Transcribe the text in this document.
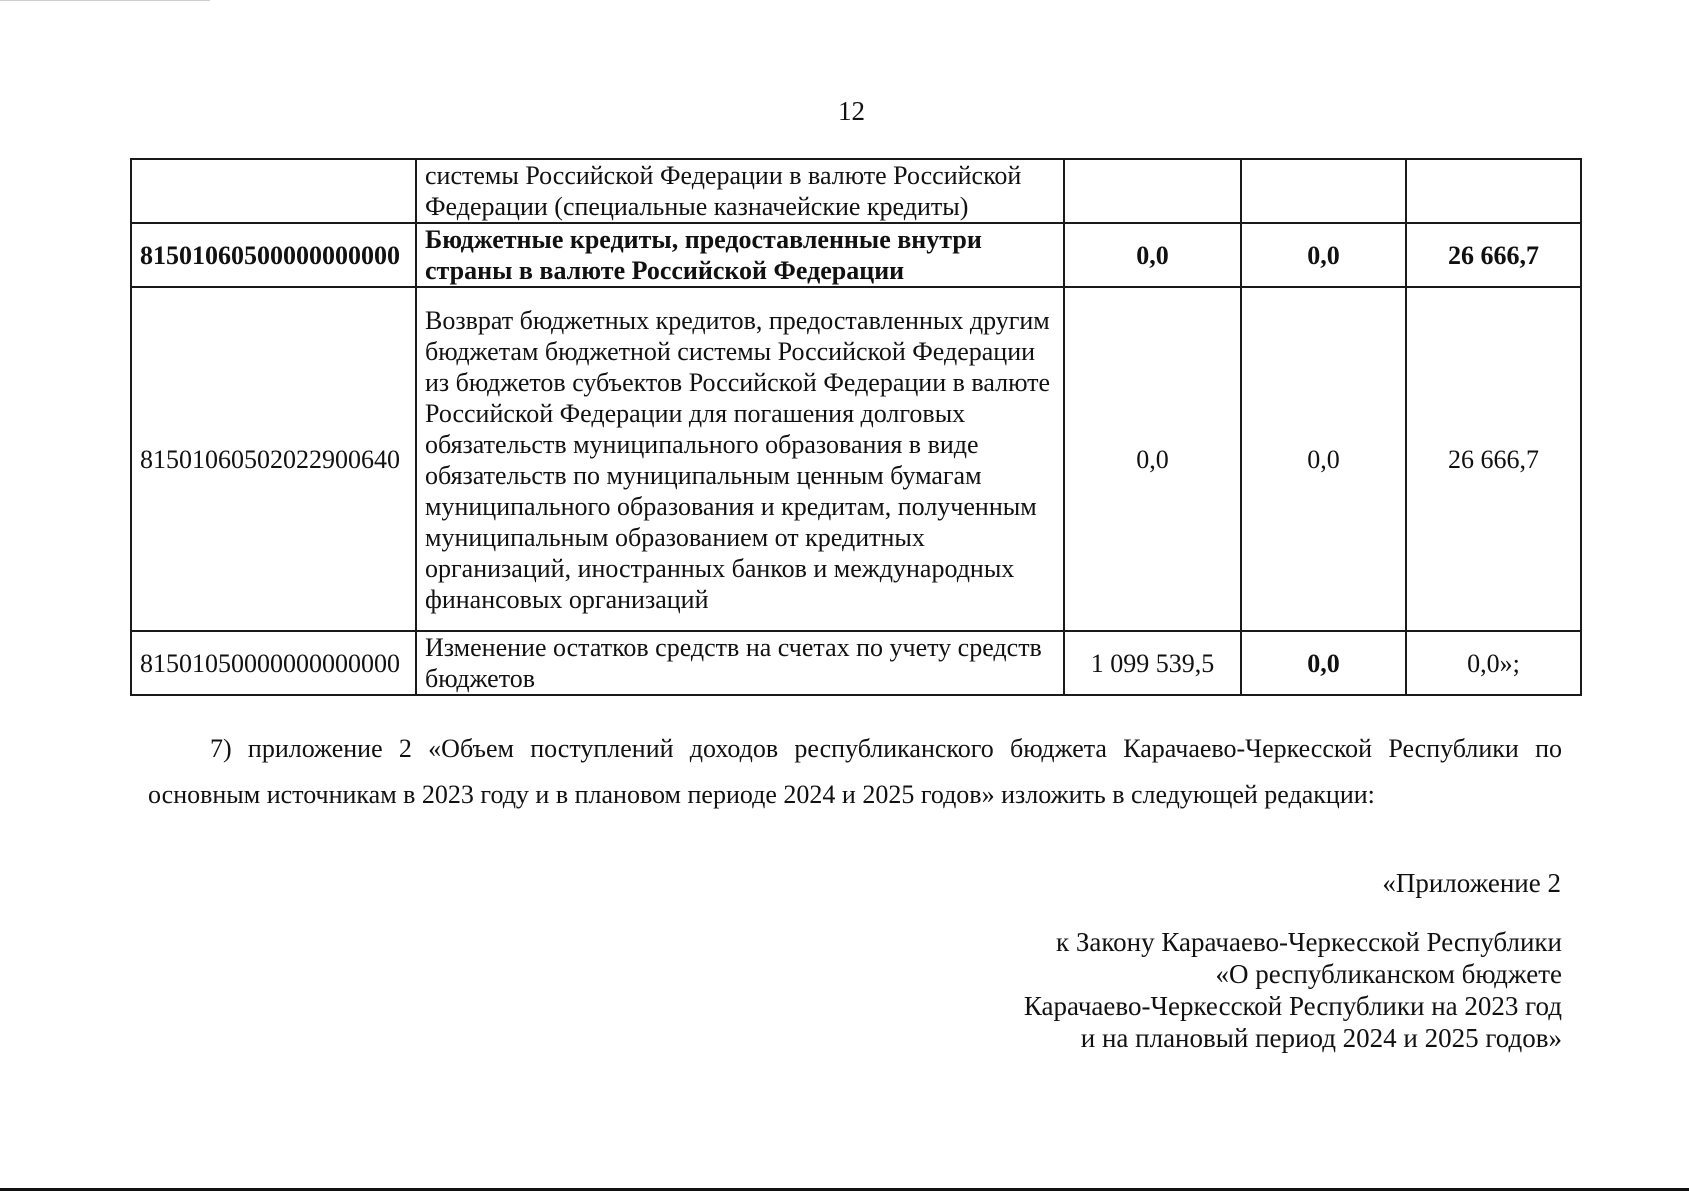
12
	системы Российской Федерации в валюте Российской Федерации (специальные казначейские кредиты)			
81501060500000000000	Бюджетные кредиты, предоставленные внутри страны в валюте Российской Федерации	0,0	0,0	26 666,7
81501060502022900640	Возврат бюджетных кредитов, предоставленных другим бюджетам бюджетной системы Российской Федерации из бюджетов субъектов Российской Федерации в валюте Российской Федерации для погашения долговых обязательств муниципального образования в виде обязательств по муниципальным ценным бумагам муниципального образования и кредитам, полученным муниципальным образованием от кредитных организаций, иностранных банков и международных финансовых организаций	0,0	0,0	26 666,7
81501050000000000000	Изменение остатков средств на счетах по учету средств бюджетов	1 099 539,5	0,0	0,0»;
7) приложение 2 «Объем поступлений доходов республиканского бюджета Карачаево-Черкесской Республики по основным источникам в 2023 году и в плановом периоде 2024 и 2025 годов» изложить в следующей редакции:
«Приложение 2
к Закону Карачаево-Черкесской Республики
«О республиканском бюджете
Карачаево-Черкесской Республики на 2023 год
и на плановый период 2024 и 2025 годов»
